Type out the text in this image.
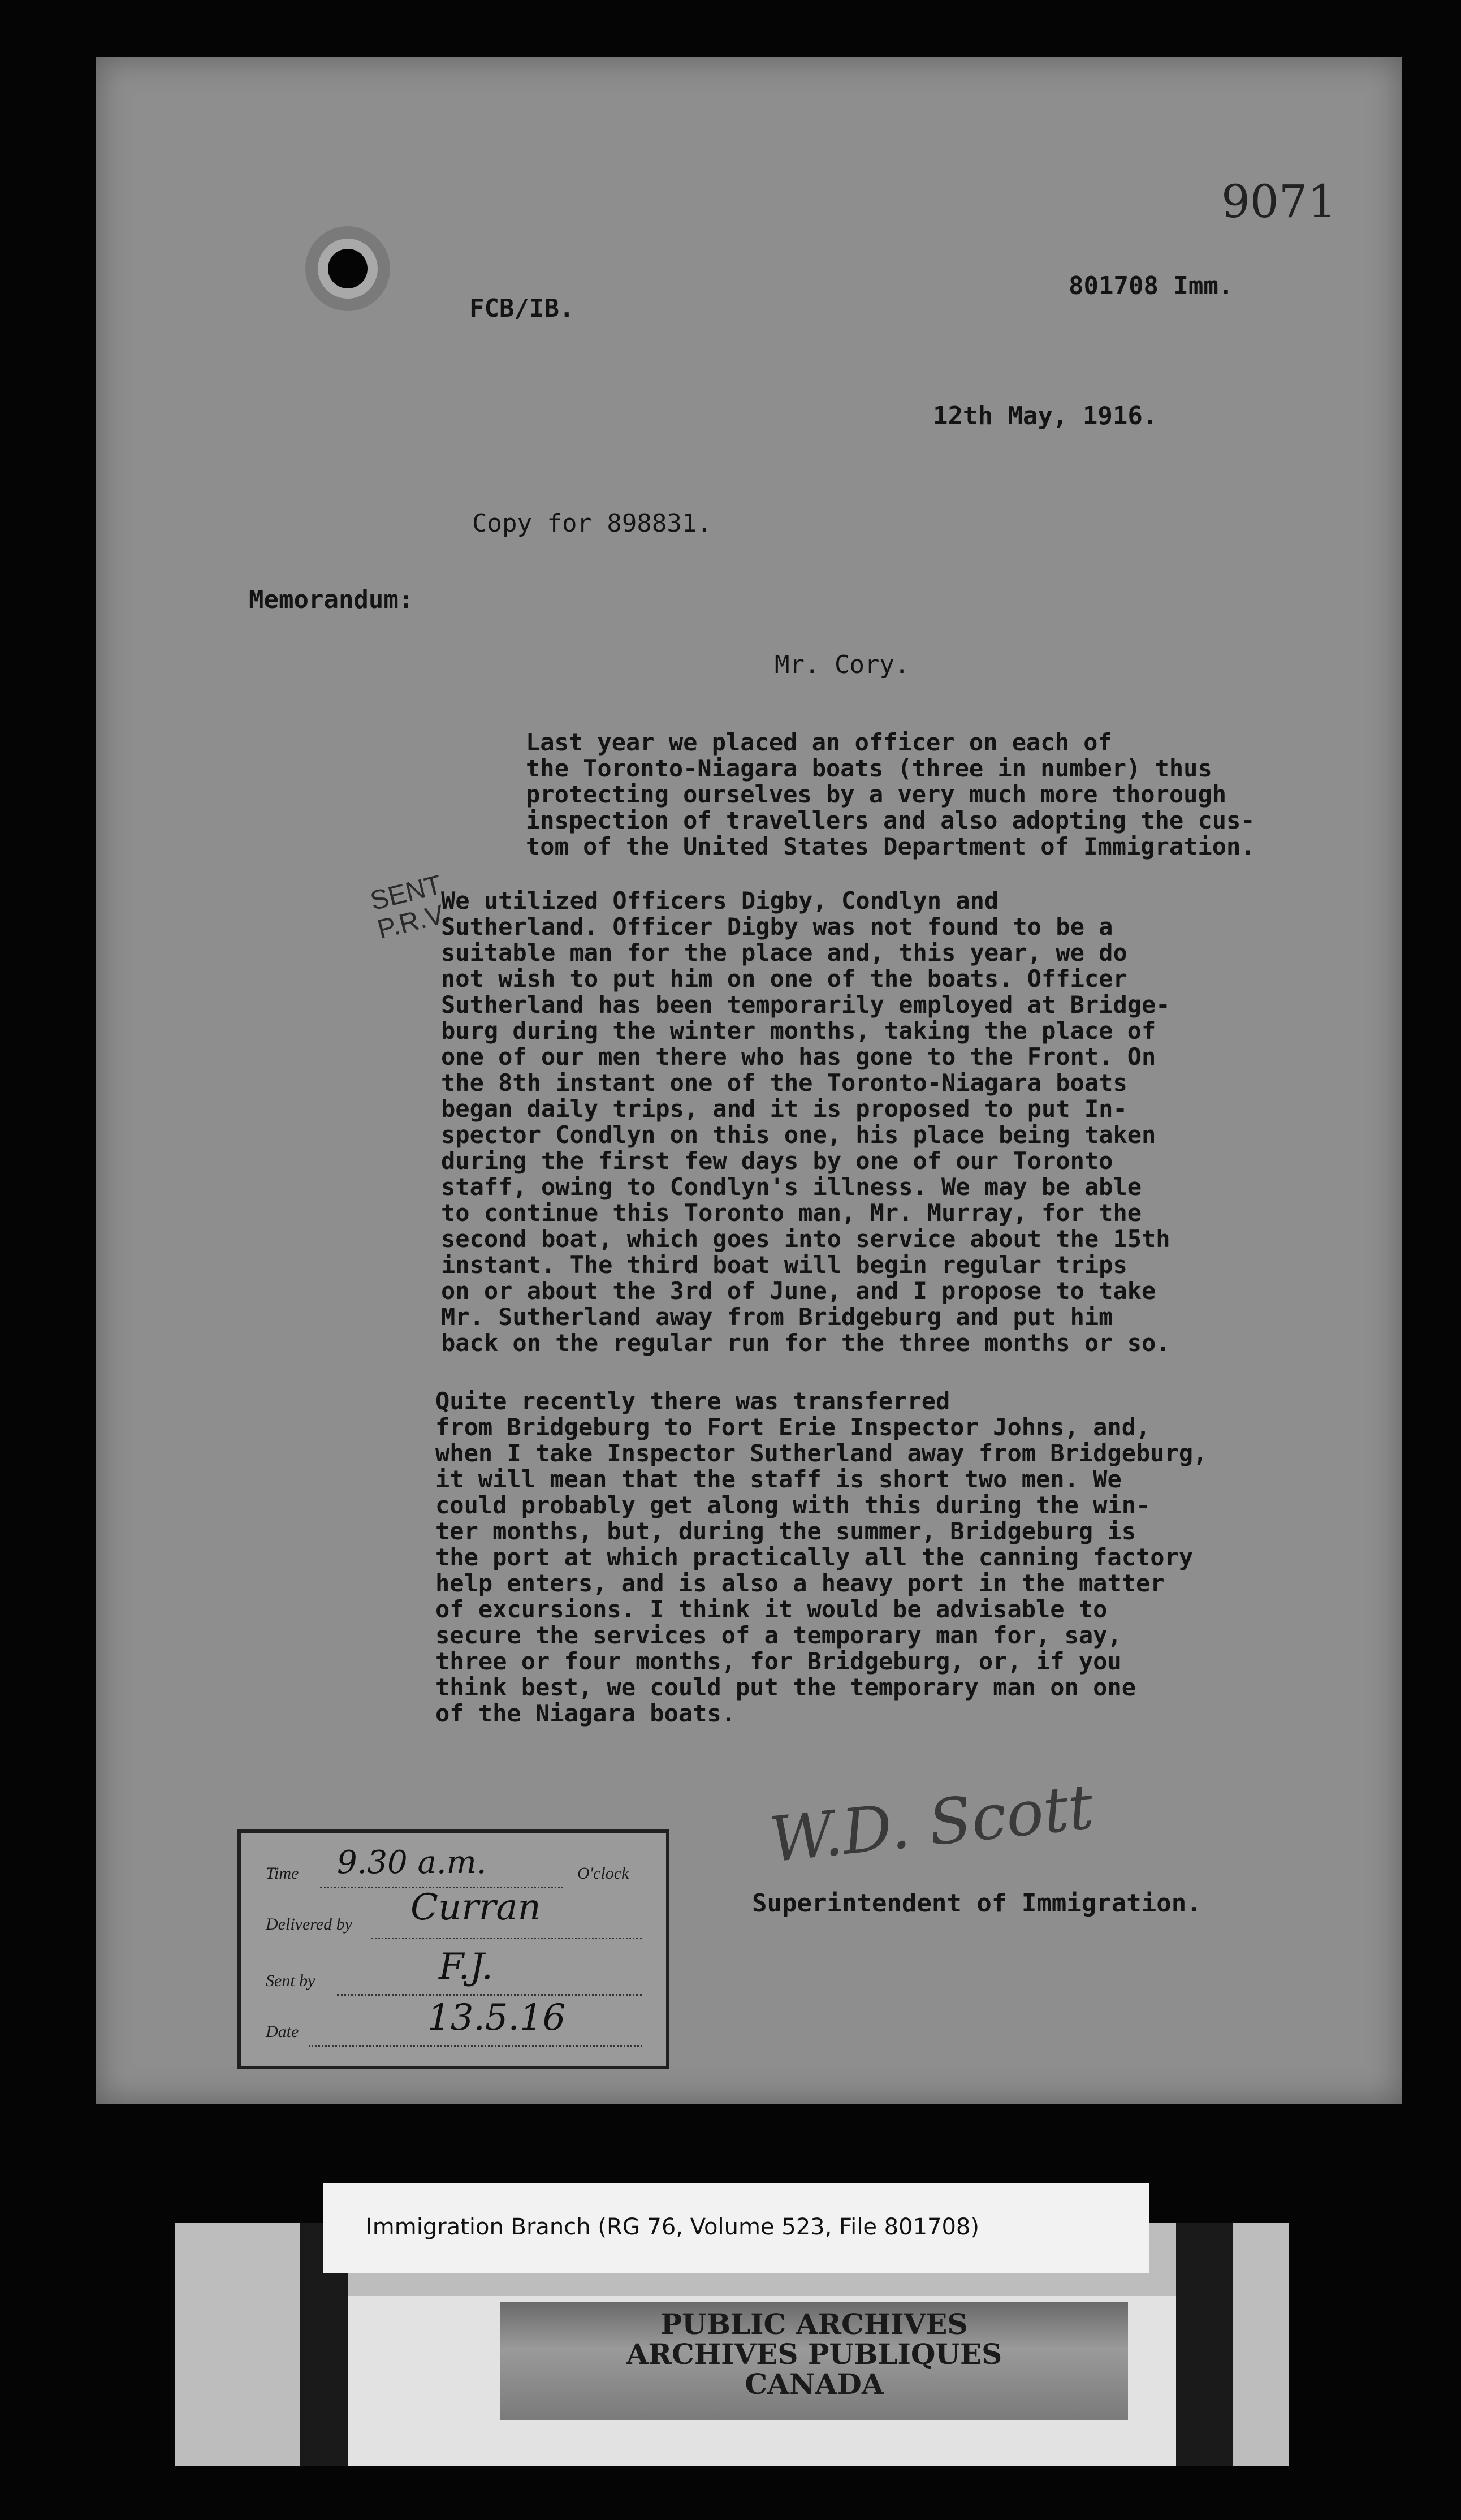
9071
801708 Imm.
FCB/IB.
12th May, 1916.
Copy for 898831.
Memorandum:
Mr. Cory.
Last year we placed an officer on each of
the Toronto-Niagara boats (three in number) thus
protecting ourselves by a very much more thorough
inspection of travellers and also adopting the cus-
tom of the United States Department of Immigration.
We utilized Officers Digby, Condlyn and
Sutherland. Officer Digby was not found to be a
suitable man for the place and, this year, we do
not wish to put him on one of the boats. Officer
Sutherland has been temporarily employed at Bridge-
burg during the winter months, taking the place of
one of our men there who has gone to the Front. On
the 8th instant one of the Toronto-Niagara boats
began daily trips, and it is proposed to put In-
spector Condlyn on this one, his place being taken
during the first few days by one of our Toronto
staff, owing to Condlyn's illness. We may be able
to continue this Toronto man, Mr. Murray, for the
second boat, which goes into service about the 15th
instant. The third boat will begin regular trips
on or about the 3rd of June, and I propose to take
Mr. Sutherland away from Bridgeburg and put him
back on the regular run for the three months or so.
Quite recently there was transferred
from Bridgeburg to Fort Erie Inspector Johns, and,
when I take Inspector Sutherland away from Bridgeburg,
it will mean that the staff is short two men. We
could probably get along with this during the win-
ter months, but, during the summer, Bridgeburg is
the port at which practically all the canning factory
help enters, and is also a heavy port in the matter
of excursions. I think it would be advisable to
secure the services of a temporary man for, say,
three or four months, for Bridgeburg, or, if you
think best, we could put the temporary man on one
of the Niagara boats.
SENT
P.R.V.
Time 9.30 a.m.	O'clock
Delivered by Curran
Sent by	F.J.
Date	13.5.16
W.D. Scott
Superintendent of Immigration.
PUBLIC ARCHIVES
ARCHIVES PUBLIQUES
CANADA
Immigration Branch (RG 76, Volume 523, File 801708)
